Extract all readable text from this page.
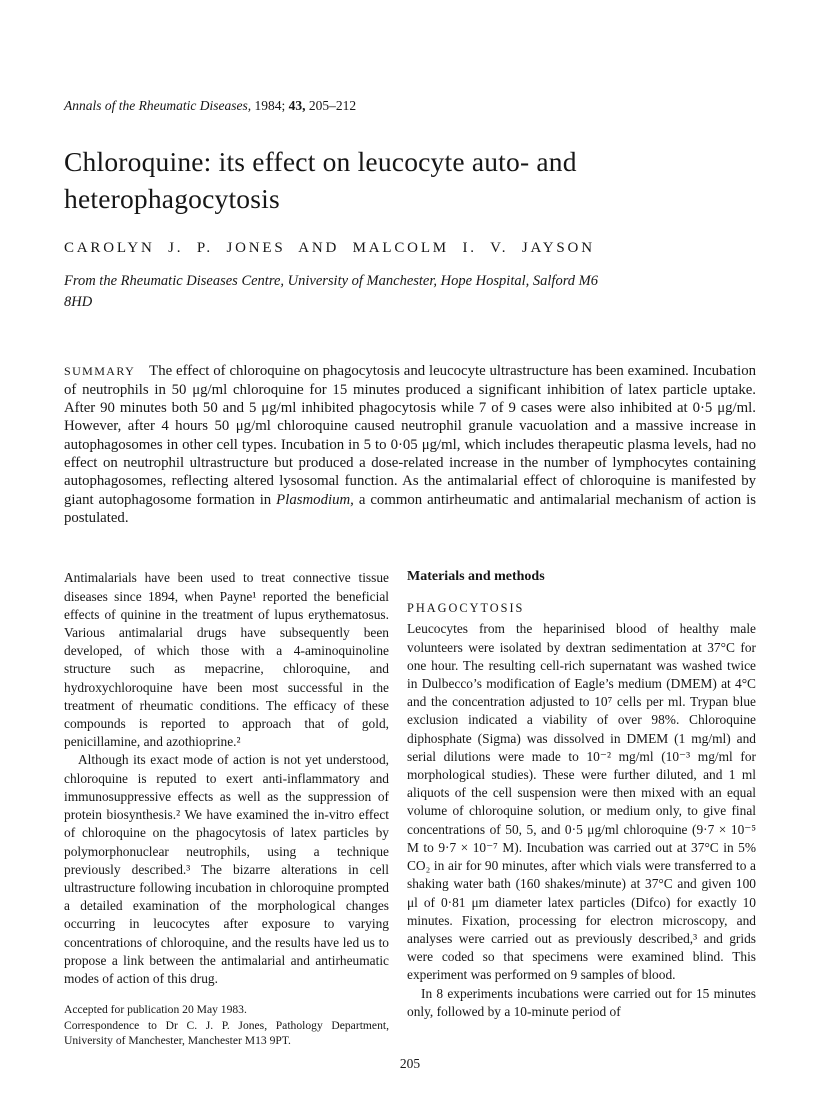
Annals of the Rheumatic Diseases, 1984; 43, 205–212
Chloroquine: its effect on leucocyte auto- and heterophagocytosis
CAROLYN J. P. JONES AND MALCOLM I. V. JAYSON
From the Rheumatic Diseases Centre, University of Manchester, Hope Hospital, Salford M6 8HD

SUMMARY The effect of chloroquine on phagocytosis and leucocyte ultrastructure has been examined. Incubation of neutrophils in 50 μg/ml chloroquine for 15 minutes produced a significant inhibition of latex particle uptake. After 90 minutes both 50 and 5 μg/ml inhibited phagocytosis while 7 of 9 cases were also inhibited at 0·5 μg/ml. However, after 4 hours 50 μg/ml chloroquine caused neutrophil granule vacuolation and a massive increase in autophagosomes in other cell types. Incubation in 5 to 0·05 μg/ml, which includes therapeutic plasma levels, had no effect on neutrophil ultrastructure but produced a dose-related increase in the number of lymphocytes containing autophagosomes, reflecting altered lysosomal function. As the antimalarial effect of chloroquine is manifested by giant autophagosome formation in Plasmodium, a common antirheumatic and antimalarial mechanism of action is postulated.

Antimalarials have been used to treat connective tissue diseases since 1894, when Payne¹ reported the beneficial effects of quinine in the treatment of lupus erythematosus. Various antimalarial drugs have subsequently been developed, of which those with a 4-aminoquinoline structure such as mepacrine, chloroquine, and hydroxychloroquine have been most successful in the treatment of rheumatic conditions. The efficacy of these compounds is reported to approach that of gold, penicillamine, and azothioprine.²

Although its exact mode of action is not yet understood, chloroquine is reputed to exert anti-inflammatory and immunosuppressive effects as well as the suppression of protein biosynthesis.² We have examined the in-vitro effect of chloroquine on the phagocytosis of latex particles by polymorphonuclear neutrophils, using a technique previously described.³ The bizarre alterations in cell ultrastructure following incubation in chloroquine prompted a detailed examination of the morphological changes occurring in leucocytes after exposure to varying concentrations of chloroquine, and the results have led us to propose a link between the antimalarial and antirheumatic modes of action of this drug.

Accepted for publication 20 May 1983.

Correspondence to Dr C. J. P. Jones, Pathology Department, University of Manchester, Manchester M13 9PT.

Materials and methods
PHAGOCYTOSIS

Leucocytes from the heparinised blood of healthy male volunteers were isolated by dextran sedimentation at 37°C for one hour. The resulting cell-rich supernatant was washed twice in Dulbecco’s modification of Eagle’s medium (DMEM) at 4°C and the concentration adjusted to 10⁷ cells per ml. Trypan blue exclusion indicated a viability of over 98%. Chloroquine diphosphate (Sigma) was dissolved in DMEM (1 mg/ml) and serial dilutions were made to 10⁻² mg/ml (10⁻³ mg/ml for morphological studies). These were further diluted, and 1 ml aliquots of the cell suspension were then mixed with an equal volume of chloroquine solution, or medium only, to give final concentrations of 50, 5, and 0·5 μg/ml chloroquine (9·7 × 10⁻⁵ M to 9·7 × 10⁻⁷ M). Incubation was carried out at 37°C in 5% CO₂ in air for 90 minutes, after which vials were transferred to a shaking water bath (160 shakes/minute) at 37°C and given 100 μl of 0·81 μm diameter latex particles (Difco) for exactly 10 minutes. Fixation, processing for electron microscopy, and analyses were carried out as previously described,³ and grids were coded so that specimens were examined blind. This experiment was performed on 9 samples of blood.

In 8 experiments incubations were carried out for 15 minutes only, followed by a 10-minute period of

205
